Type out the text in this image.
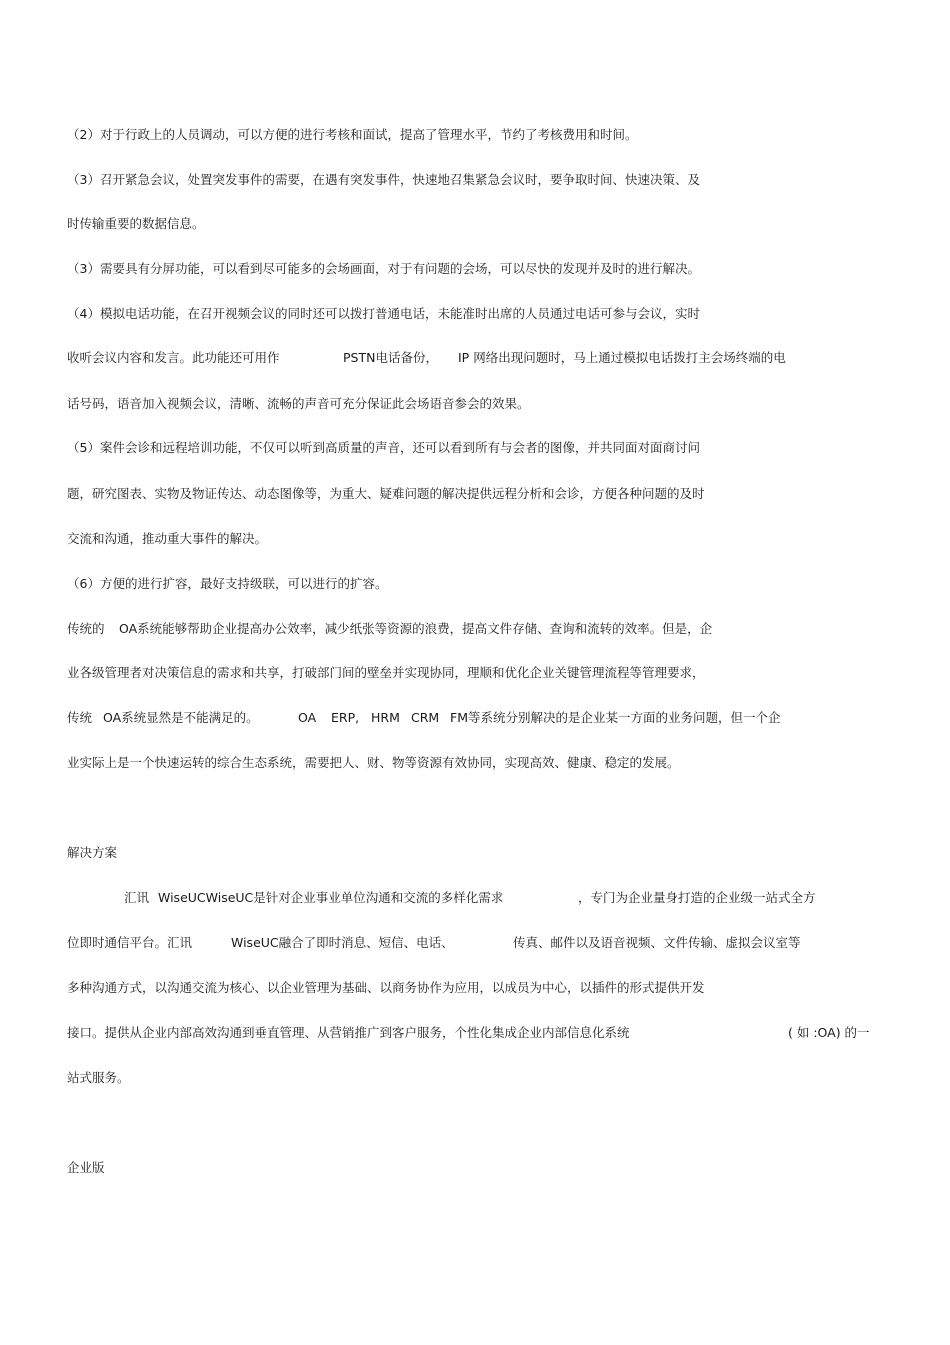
（2）对于行政上的人员调动，可以方便的进行考核和面试，提高了管理水平，节约了考核费用和时间。
（3）召开紧急会议，处置突发事件的需要，在遇有突发事件，快速地召集紧急会议时，要争取时间、快速决策、及
时传输重要的数据信息。
（3）需要具有分屏功能，可以看到尽可能多的会场画面，对于有问题的会场，可以尽快的发现并及时的进行解决。
（4）模拟电话功能，在召开视频会议的同时还可以拨打普通电话，未能准时出席的人员通过电话可参与会议，实时
收听会议内容和发言。此功能还可用作	PSTN电话备份， IP 网络出现问题时，马上通过模拟电话拨打主会场终端的电
话号码，语音加入视频会议，清晰、流畅的声音可充分保证此会场语音参会的效果。
（5）案件会诊和远程培训功能，不仅可以听到高质量的声音，还可以看到所有与会者的图像，并共同面对面商讨问
题，研究图表、实物及物证传达、动态图像等，为重大、疑难问题的解决提供远程分析和会诊，方便各种问题的及时
交流和沟通，推动重大事件的解决。
（6）方便的进行扩容，最好支持级联，可以进行的扩容。
传统的 OA系统能够帮助企业提高办公效率，减少纸张等资源的浪费，提高文件存储、查询和流转的效率。但是，企
业各级管理者对决策信息的需求和共享，打破部门间的壁垒并实现协同，理顺和优化企业关键管理流程等管理要求，
传统 OA系统显然是不能满足的。	OA ERP, HRM CRM FM等系统分别解决的是企业某一方面的业务问题，但一个企
业实际上是一个快速运转的综合生态系统，需要把人、财、物等资源有效协同，实现高效、健康、稳定的发展。
解决方案
汇讯 WiseUCWiseUC是针对企业事业单位沟通和交流的多样化需求	，专门为企业量身打造的企业级一站式全方
位即时通信平台。汇讯	WiseUC融合了即时消息、短信、电话、	传真、邮件以及语音视频、文件传输、虚拟会议室等
多种沟通方式，以沟通交流为核心、以企业管理为基础、以商务协作为应用，以成员为中心，以插件的形式提供开发
接口。提供从企业内部高效沟通到垂直管理、从营销推广到客户服务，个性化集成企业内部信息化系统	( 如 :OA) 的一
站式服务。
企业版
